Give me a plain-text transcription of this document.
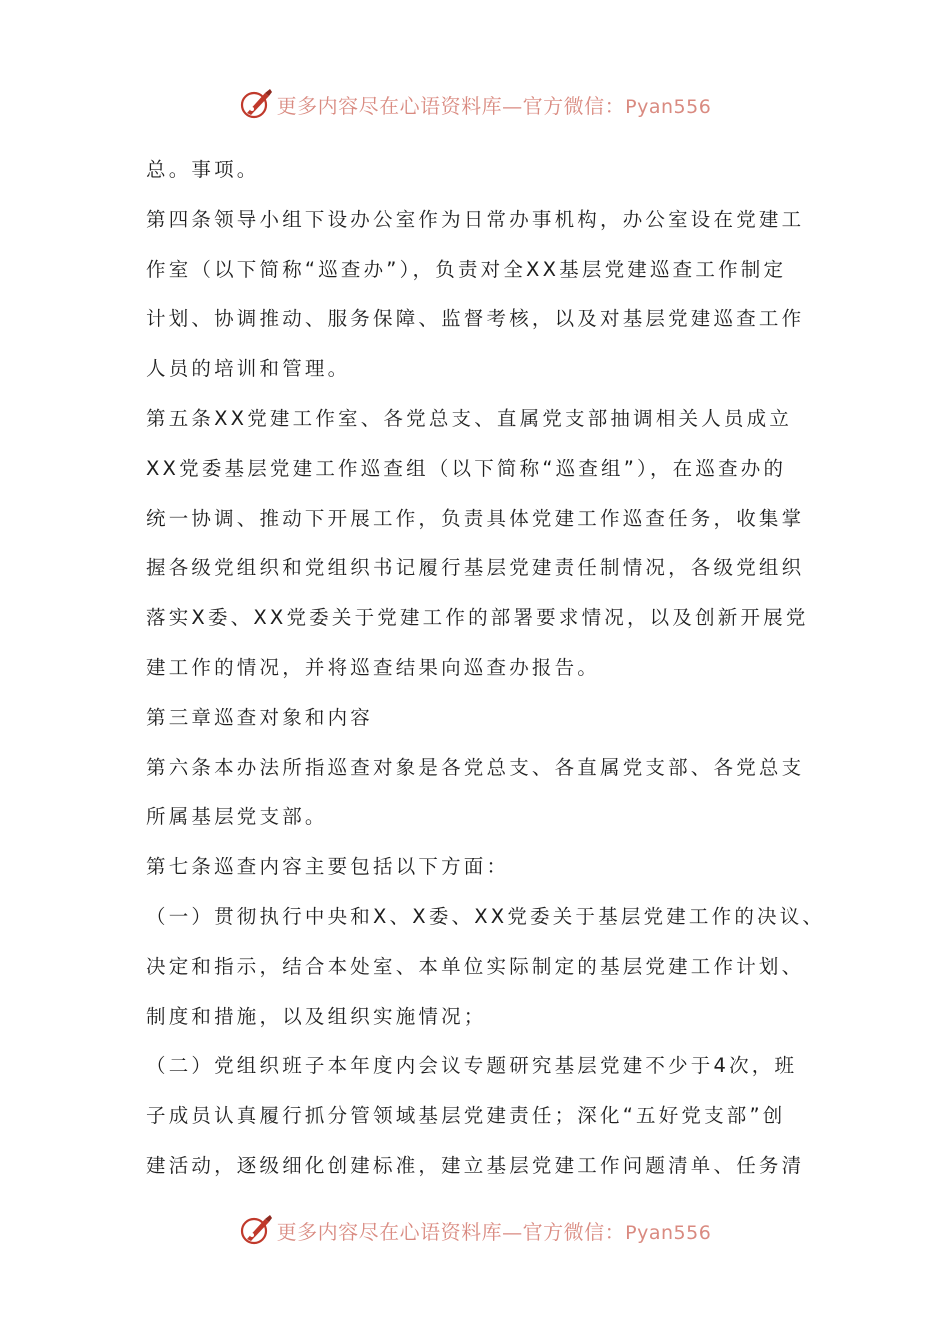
更多内容尽在心语资料库—官方微信：Pyan556
总。事项。
第四条领导小组下设办公室作为日常办事机构，办公室设在党建工
作室（以下简称“巡查办”），负责对全XX基层党建巡查工作制定
计划、协调推动、服务保障、监督考核，以及对基层党建巡查工作
人员的培训和管理。
第五条XX党建工作室、各党总支、直属党支部抽调相关人员成立
XX党委基层党建工作巡查组（以下简称“巡查组”），在巡查办的
统一协调、推动下开展工作，负责具体党建工作巡查任务，收集掌
握各级党组织和党组织书记履行基层党建责任制情况，各级党组织
落实X委、XX党委关于党建工作的部署要求情况，以及创新开展党
建工作的情况，并将巡查结果向巡查办报告。
第三章巡查对象和内容
第六条本办法所指巡查对象是各党总支、各直属党支部、各党总支
所属基层党支部。
第七条巡查内容主要包括以下方面：
（一）贯彻执行中央和X、X委、XX党委关于基层党建工作的决议、
决定和指示，结合本处室、本单位实际制定的基层党建工作计划、
制度和措施，以及组织实施情况；
（二）党组织班子本年度内会议专题研究基层党建不少于4次，班
子成员认真履行抓分管领域基层党建责任；深化“五好党支部”创
建活动，逐级细化创建标准，建立基层党建工作问题清单、任务清
更多内容尽在心语资料库—官方微信：Pyan556
